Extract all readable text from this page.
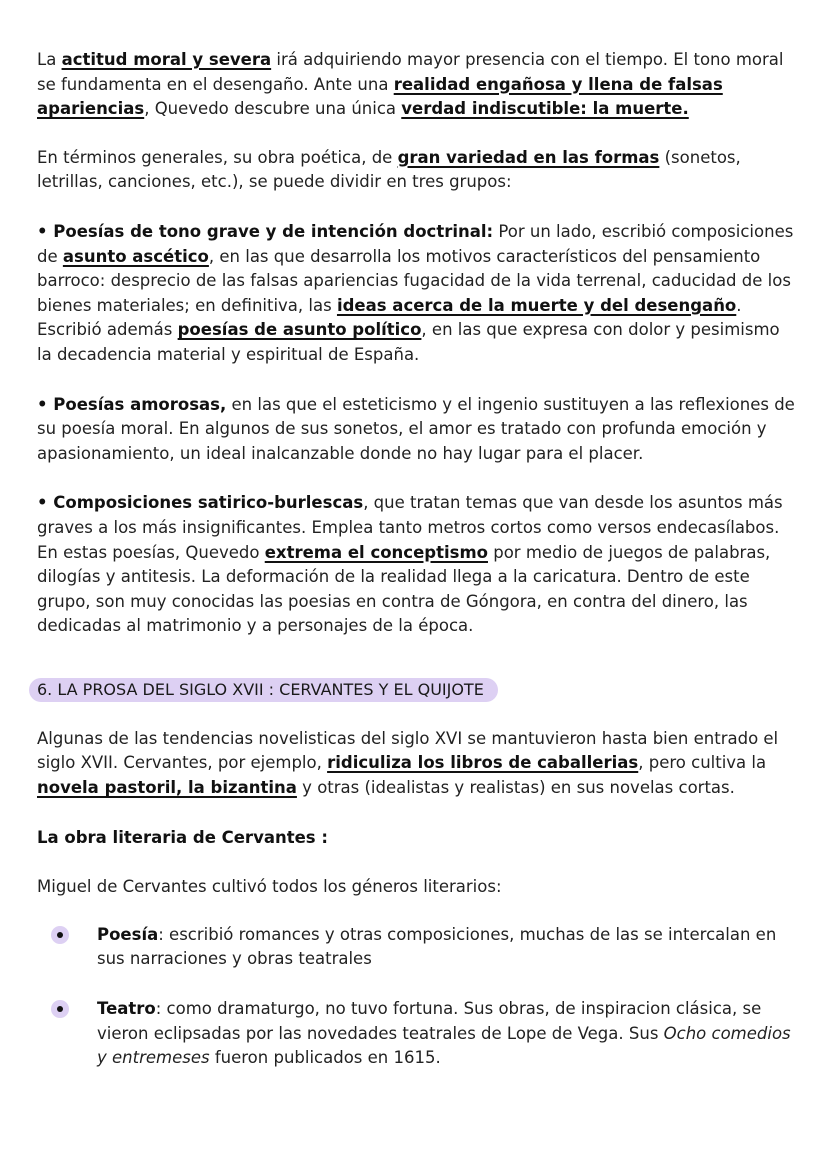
La actitud moral y severa irá adquiriendo mayor presencia con el tiempo. El tono moral se fundamenta en el desengaño. Ante una realidad engañosa y llena de falsas apariencias, Quevedo descubre una única verdad indiscutible: la muerte.

En términos generales, su obra poética, de gran variedad en las formas (sonetos, letrillas, canciones, etc.), se puede dividir en tres grupos:

• Poesías de tono grave y de intención doctrinal: Por un lado, escribió composiciones de asunto ascético, en las que desarrolla los motivos característicos del pensamiento barroco: desprecio de las falsas apariencias fugacidad de la vida terrenal, caducidad de los bienes materiales; en definitiva, las ideas acerca de la muerte y del desengaño. Escribió además poesías de asunto político, en las que expresa con dolor y pesimismo la decadencia material y espiritual de España.

• Poesías amorosas, en las que el esteticismo y el ingenio sustituyen a las reflexiones de su poesía moral. En algunos de sus sonetos, el amor es tratado con profunda emoción y apasionamiento, un ideal inalcanzable donde no hay lugar para el placer.

• Composiciones satirico-burlescas, que tratan temas que van desde los asuntos más graves a los más insignificantes. Emplea tanto metros cortos como versos endecasílabos. En estas poesías, Quevedo extrema el conceptismo por medio de juegos de palabras, dilogías y antitesis. La deformación de la realidad llega a la caricatura. Dentro de este grupo, son muy conocidas las poesias en contra de Góngora, en contra del dinero, las dedicadas al matrimonio y a personajes de la época.

6. LA PROSA DEL SIGLO XVII : CERVANTES Y EL QUIJOTE

Algunas de las tendencias novelisticas del siglo XVI se mantuvieron hasta bien entrado el siglo XVII. Cervantes, por ejemplo, ridiculiza los libros de caballerias, pero cultiva la novela pastoril, la bizantina y otras (idealistas y realistas) en sus novelas cortas.

La obra literaria de Cervantes :

Miguel de Cervantes cultivó todos los géneros literarios:

Poesía: escribió romances y otras composiciones, muchas de las se intercalan en sus narraciones y obras teatrales
Teatro: como dramaturgo, no tuvo fortuna. Sus obras, de inspiracion clásica, se vieron eclipsadas por las novedades teatrales de Lope de Vega. Sus Ocho comedios y entremeses fueron publicados en 1615.
